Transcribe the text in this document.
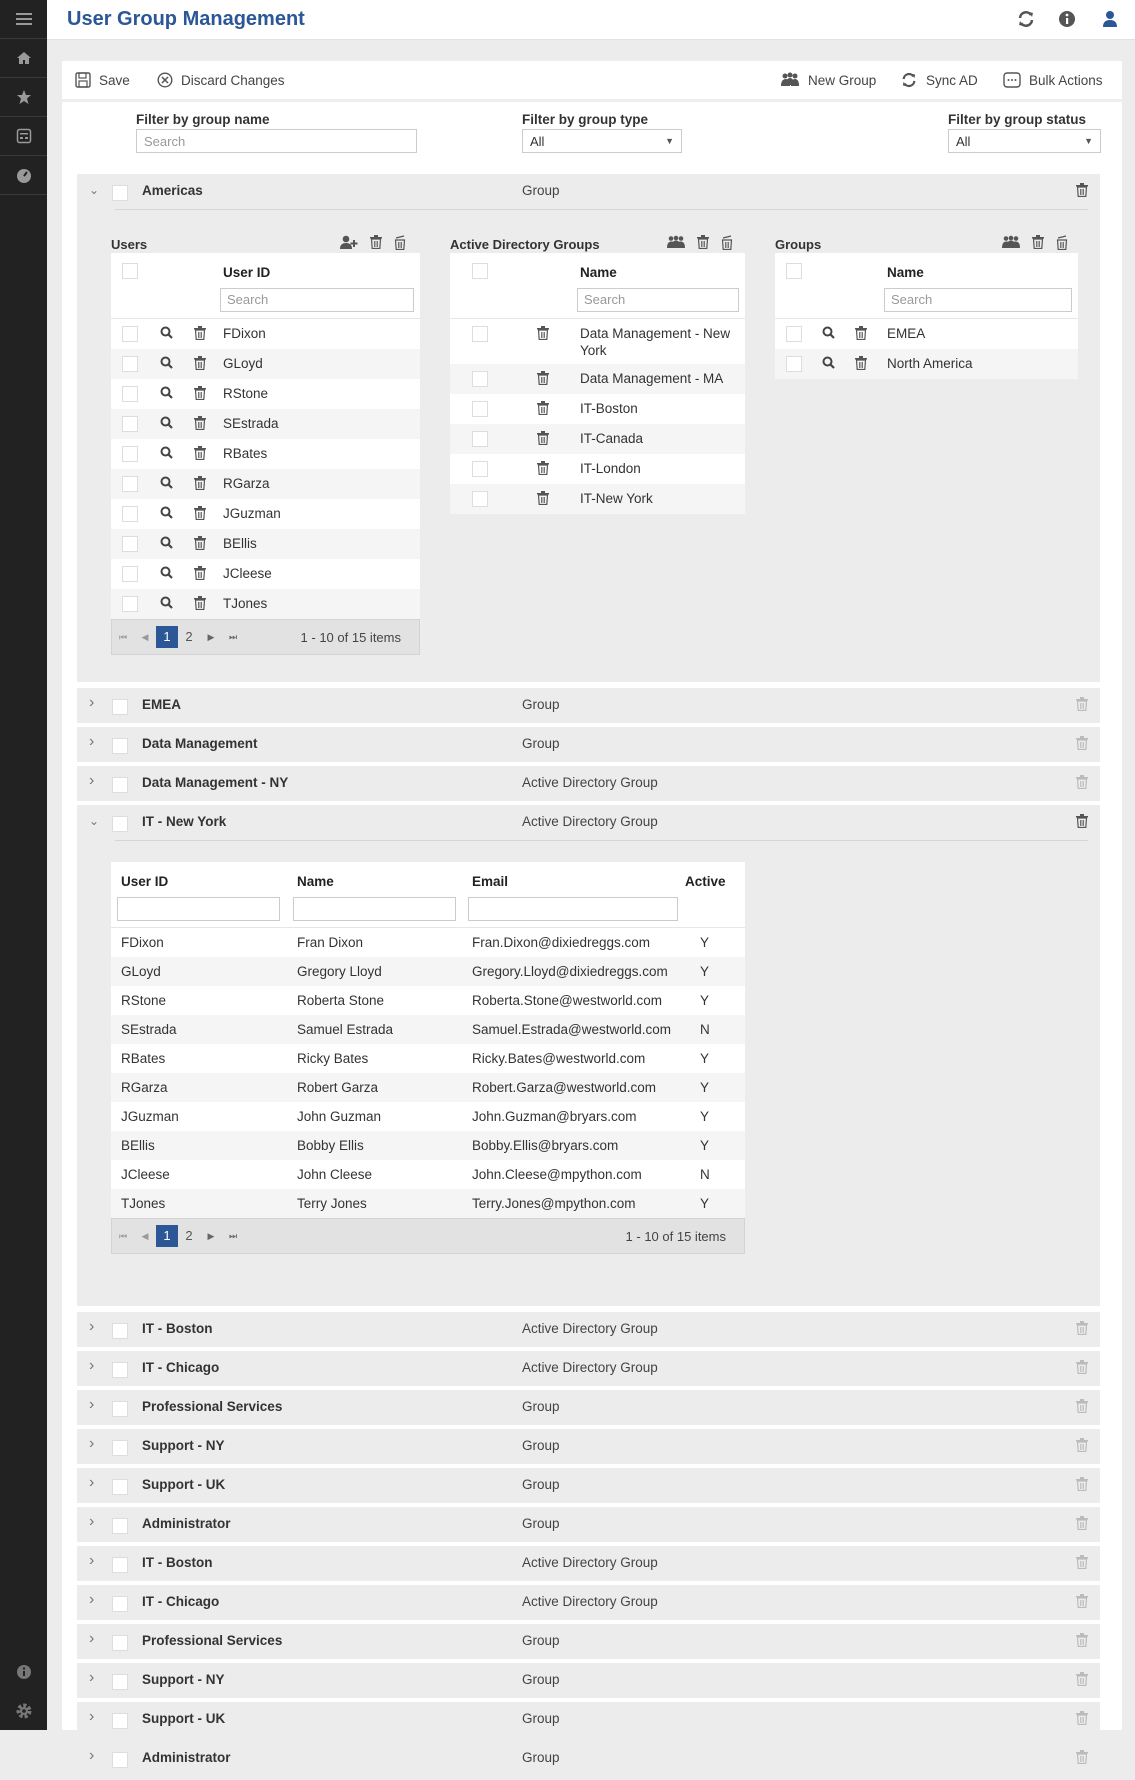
User Group Management
Save	Discard Changes	New Group	Sync AD	Bulk Actions
Filter by group name
Search	Filter by group type
All	▼
Filter by group status
All	▼
⌄	Americas	Group
Users
User ID
Search
FDixon
GLoyd
RStone
SEstrada
RBates
RGarza
JGuzman
BEllis
JCleese
TJones
⏮	◀	1	2	▶	⏭	1 - 10 of 15 items
Active Directory Groups
Name
Search
Data Management - New York
Data Management - MA
IT-Boston
IT-Canada
IT-London
IT-New York
Groups
Name
Search
EMEA
North America
›	EMEA	Group
›	Data Management	Group
›	Data Management - NY	Active Directory Group
⌄	IT - New York	Active Directory Group
User ID	Name	Email	Active
FDixon	Fran Dixon	Fran.Dixon@dixiedreggs.com	Y
GLoyd	Gregory Lloyd	Gregory.Lloyd@dixiedreggs.com Y
RStone	Roberta Stone	Roberta.Stone@westworld.com	Y
SEstrada	Samuel Estrada	Samuel.Estrada@westworld.com N
RBates	Ricky Bates	Ricky.Bates@westworld.com	Y
RGarza	Robert Garza	Robert.Garza@westworld.com	Y
JGuzman	John Guzman	John.Guzman@bryars.com	Y
BEllis	Bobby Ellis	Bobby.Ellis@bryars.com	Y
JCleese	John Cleese	John.Cleese@mpython.com	N
TJones	Terry Jones	Terry.Jones@mpython.com	Y
⏮	◀	1	2	▶	⏭	1 - 10 of 15 items
›	IT - Boston	Active Directory Group
›	IT - Chicago	Active Directory Group
›	Professional Services	Group
›	Support - NY	Group
›	Support - UK	Group
›	Administrator	Group
›	IT - Boston	Active Directory Group
›	IT - Chicago	Active Directory Group
›	Professional Services	Group
›	Support - NY	Group
›	Support - UK	Group
›	Administrator	Group
